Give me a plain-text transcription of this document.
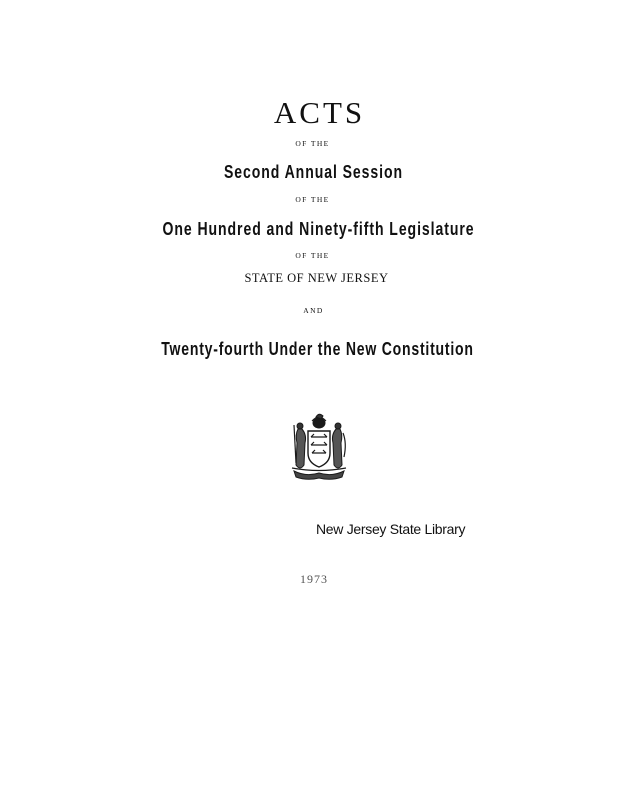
ACTS
OF THE
Second Annual Session
OF THE
One Hundred and Ninety-fifth Legislature
OF THE
STATE OF NEW JERSEY
AND
Twenty-fourth Under the New Constitution
New Jersey State Library
1973
